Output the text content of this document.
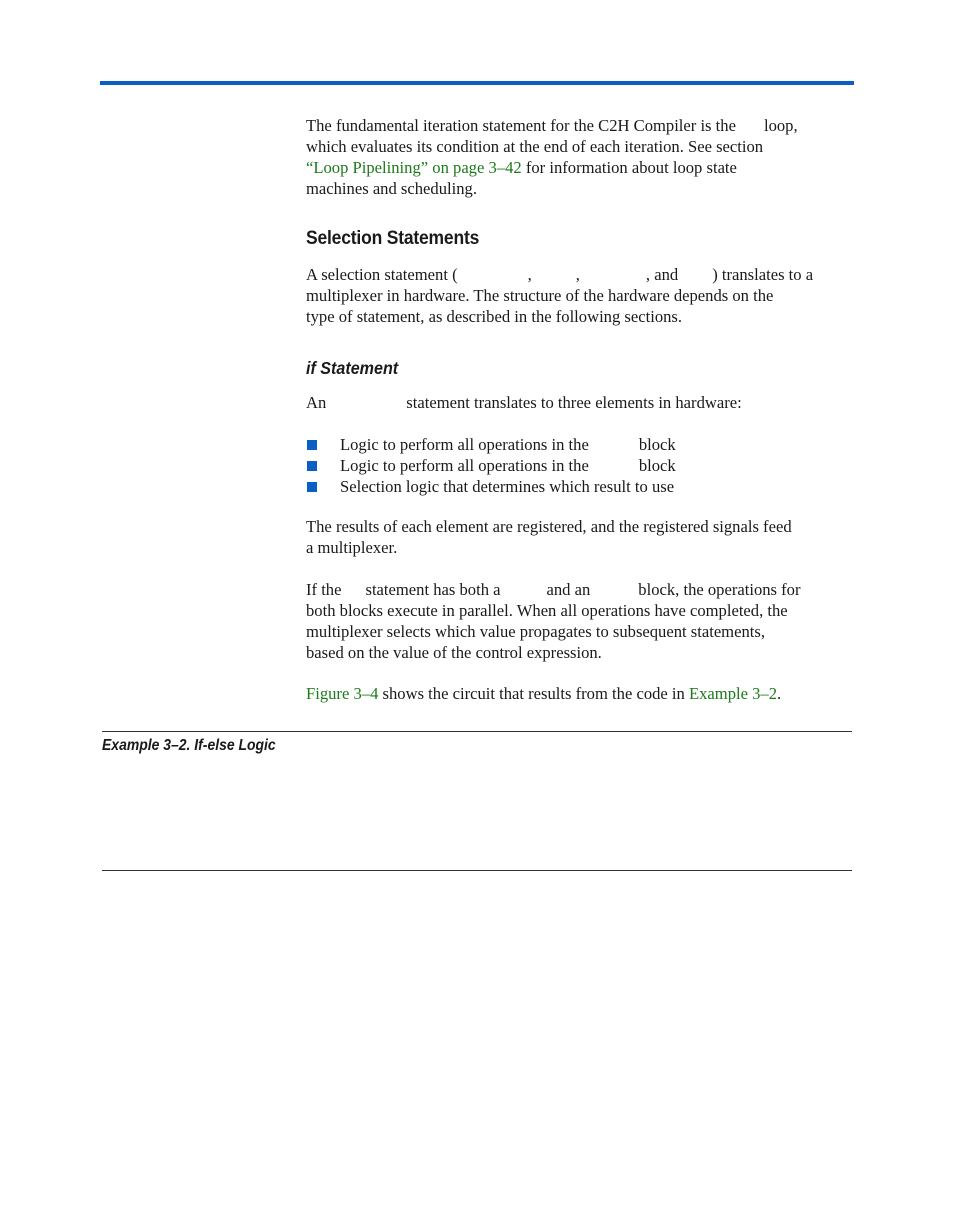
The fundamental iteration statement for the C2H Compiler is the loop,
which evaluates its condition at the end of each iteration. See section
“Loop Pipelining” on page 3–42 for information about loop state
machines and scheduling.

Selection Statements

A selection statement (	,	,	, and ) translates to a
multiplexer in hardware. The structure of the hardware depends on the
type of statement, as described in the following sections.

if Statement

An	statement translates to three elements in hardware:

Logic to perform all operations in the	block
Logic to perform all operations in the	block
Selection logic that determines which result to use

The results of each element are registered, and the registered signals feed
a multiplexer.

If the statement has both a	and an	block, the operations for
both blocks execute in parallel. When all operations have completed, the
multiplexer selects which value propagates to subsequent statements,
based on the value of the control expression.

Figure 3–4 shows the circuit that results from the code in Example 3–2.

Example 3–2. If-else Logic
